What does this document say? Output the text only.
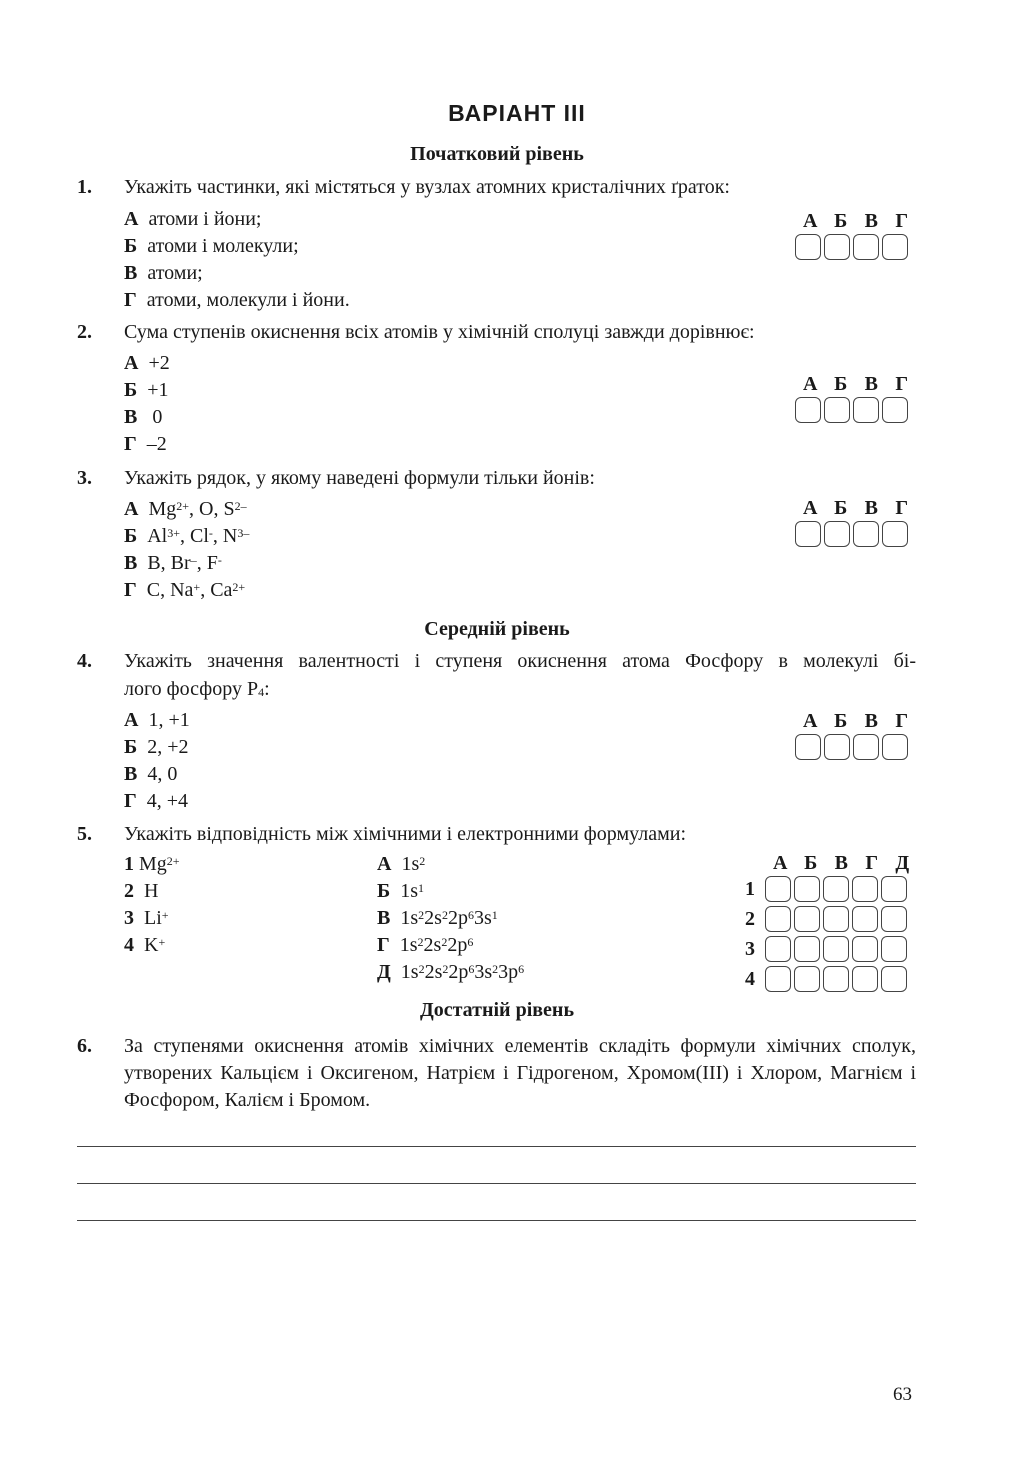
ВАРІАНТ ІІІ
Початковий рівень
1. Укажіть частинки, які містяться у вузлах атомних кристалічних ґраток:
А атоми і йони;
Б атоми і молекули;
В атоми;
Г атоми, молекули і йони.
А Б В Г
2. Сума ступенів окиснення всіх атомів у хімічній сполуці завжди дорівнює:
А +2
Б +1
В 0
Г –2
А Б В Г
3. Укажіть рядок, у якому наведені формули тільки йонів:
А $Mg^{2+}$, O, $S^{2-}$
Б $Al^{3+}$, Cl-, $N^{3-}$
В B, Br–, F-
Г C, Na+, $Ca^{2+}$
А Б В Г
Середній рівень
4. Укажіть значення валентності і ступеня окиснення атома Фосфору в молекулі бі-
лого фосфору $P_4$:
А 1, +1
Б 2, +2
В 4, 0
Г 4, +4
А Б В Г
5. Укажіть відповідність між хімічними і електронними формулами:
1 $Mg^{2+}$
2 H
3 Li+
4 K+
А $1s^2$
Б $1s^1$
В $1s^22s^22p^63s^1$
Г $1s^22s^22p^6$
Д $1s^22s^22p^63s^23p^6$
А Б В Г Д
1
2
3
4
Достатній рівень
6. За ступенями окиснення атомів хімічних елементів складіть формули хімічних сполук, утворених Кальцієм і Оксигеном, Натрієм і Гідрогеном, Хромом(ІІІ) і Хлором, Магнієм і Фосфором, Калієм і Бромом.
63
